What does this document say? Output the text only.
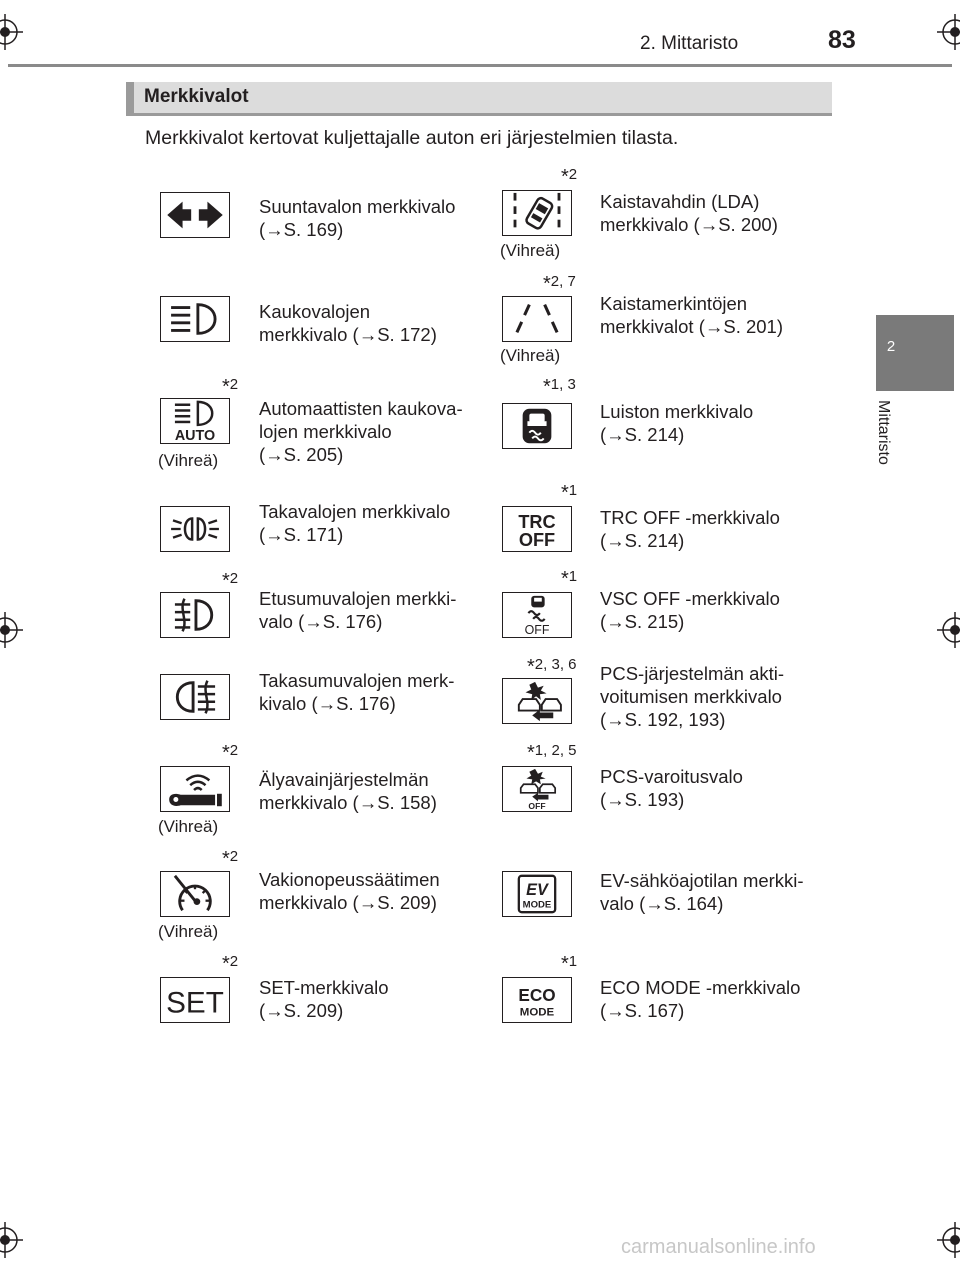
2. Mittaristo	83
2
Mittaristo
Merkkivalot
Merkkivalot kertovat kuljettajalle auton eri järjestelmien tilasta.
Suuntavalon merkkivalo
(→S. 169)
Kaukovalojen
merkkivalo (→S. 172)
*2
AUTO
(Vihreä)
Automaattisten kaukova-
lojen merkkivalo
(→S. 205)
Takavalojen merkkivalo
(→S. 171)
*2
Etusumuvalojen merkki-
valo (→S. 176)
Takasumuvalojen merk-
kivalo (→S. 176)
*2
(Vihreä)
Älyavainjärjestelmän
merkkivalo (→S. 158)
*2
(Vihreä)
Vakionopeussäätimen
merkkivalo (→S. 209)
*2
SET SET-merkkivalo
(→S. 209)
*2
(Vihreä)
Kaistavahdin (LDA)
merkkivalo (→S. 200)
*2, 7
(Vihreä)
Kaistamerkintöjen
merkkivalot (→S. 201)
*1, 3
Luiston merkkivalo
(→S. 214)
*1
TRC
OFF
TRC OFF -merkkivalo
(→S. 214)
*1
OFF
VSC OFF -merkkivalo
(→S. 215)
*2, 3, 6 PCS-järjestelmän akti-
voitumisen merkkivalo
(→S. 192, 193)
*1, 2, 5
OFF
PCS-varoitusvalo
(→S. 193)
EV
MODE
EV-sähköajotilan merkki-
valo (→S. 164)
*1
ECO
MODE
ECO MODE -merkkivalo
(→S. 167)
carmanualsonline.info
